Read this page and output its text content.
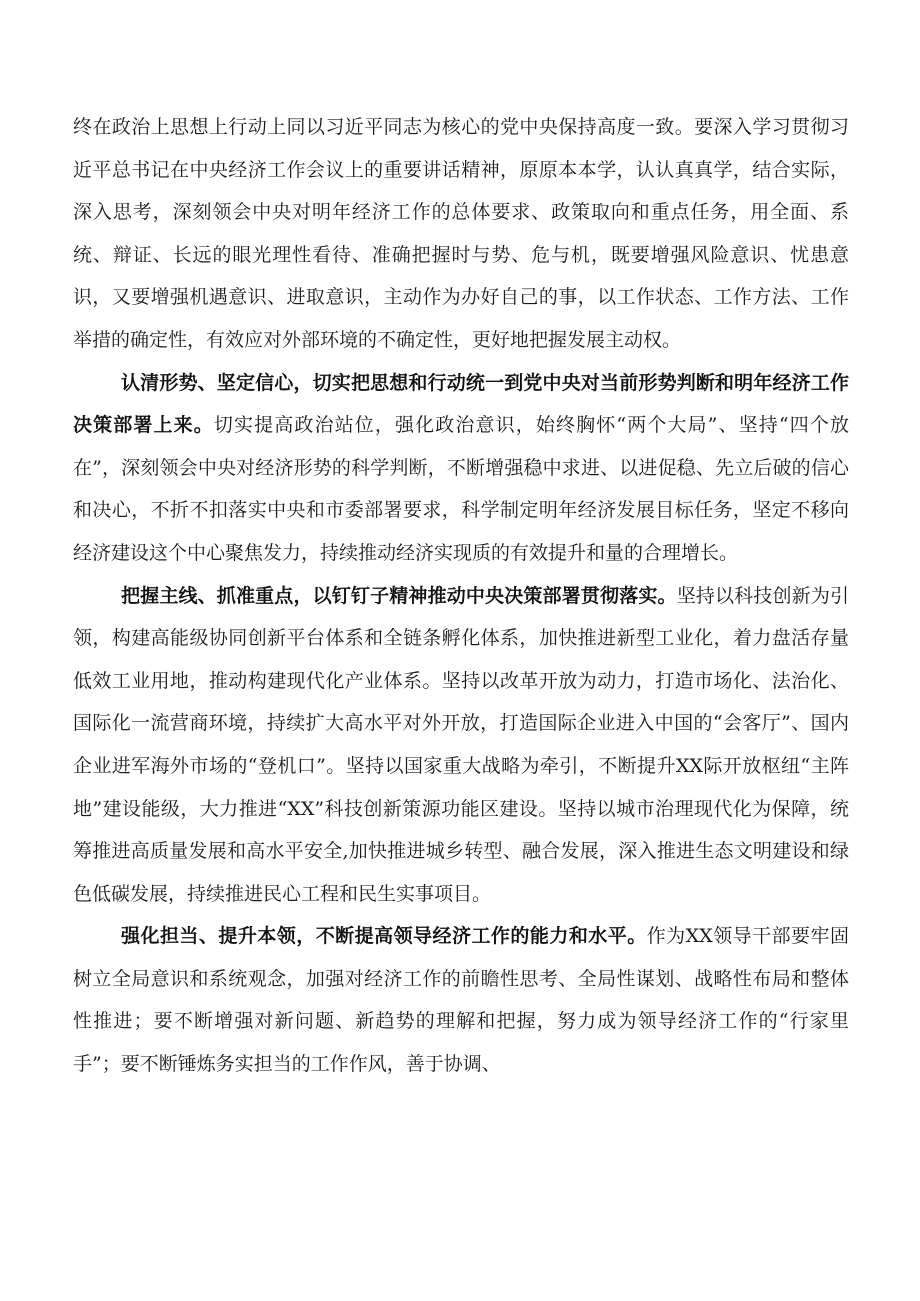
终在政治上思想上行动上同以习近平同志为核心的党中央保持高度一致。要深入学习贯彻习近平总书记在中央经济工作会议上的重要讲话精神，原原本本学，认认真真学，结合实际，深入思考，深刻领会中央对明年经济工作的总体要求、政策取向和重点任务，用全面、系统、辩证、长远的眼光理性看待、准确把握时与势、危与机，既要增强风险意识、忧患意识，又要增强机遇意识、进取意识，主动作为办好自己的事，以工作状态、工作方法、工作举措的确定性，有效应对外部环境的不确定性，更好地把握发展主动权。

认清形势、坚定信心，切实把思想和行动统一到党中央对当前形势判断和明年经济工作决策部署上来。切实提高政治站位，强化政治意识，始终胸怀“两个大局”、坚持“四个放在”，深刻领会中央对经济形势的科学判断，不断增强稳中求进、以进促稳、先立后破的信心和决心，不折不扣落实中央和市委部署要求，科学制定明年经济发展目标任务，坚定不移向经济建设这个中心聚焦发力，持续推动经济实现质的有效提升和量的合理增长。

把握主线、抓准重点，以钉钉子精神推动中央决策部署贯彻落实。坚持以科技创新为引领，构建高能级协同创新平台体系和全链条孵化体系，加快推进新型工业化，着力盘活存量低效工业用地，推动构建现代化产业体系。坚持以改革开放为动力，打造市场化、法治化、国际化一流营商环境，持续扩大高水平对外开放，打造国际企业进入中国的“会客厅”、国内企业进军海外市场的“登机口”。坚持以国家重大战略为牵引，不断提升XX际开放枢纽“主阵地”建设能级，大力推进“XX”科技创新策源功能区建设。坚持以城市治理现代化为保障，统筹推进高质量发展和高水平安全,加快推进城乡转型、融合发展，深入推进生态文明建设和绿色低碳发展，持续推进民心工程和民生实事项目。

强化担当、提升本领，不断提高领导经济工作的能力和水平。作为XX领导干部要牢固树立全局意识和系统观念，加强对经济工作的前瞻性思考、全局性谋划、战略性布局和整体性推进；要不断增强对新问题、新趋势的理解和把握，努力成为领导经济工作的“行家里手”；要不断锤炼务实担当的工作作风，善于协调、
